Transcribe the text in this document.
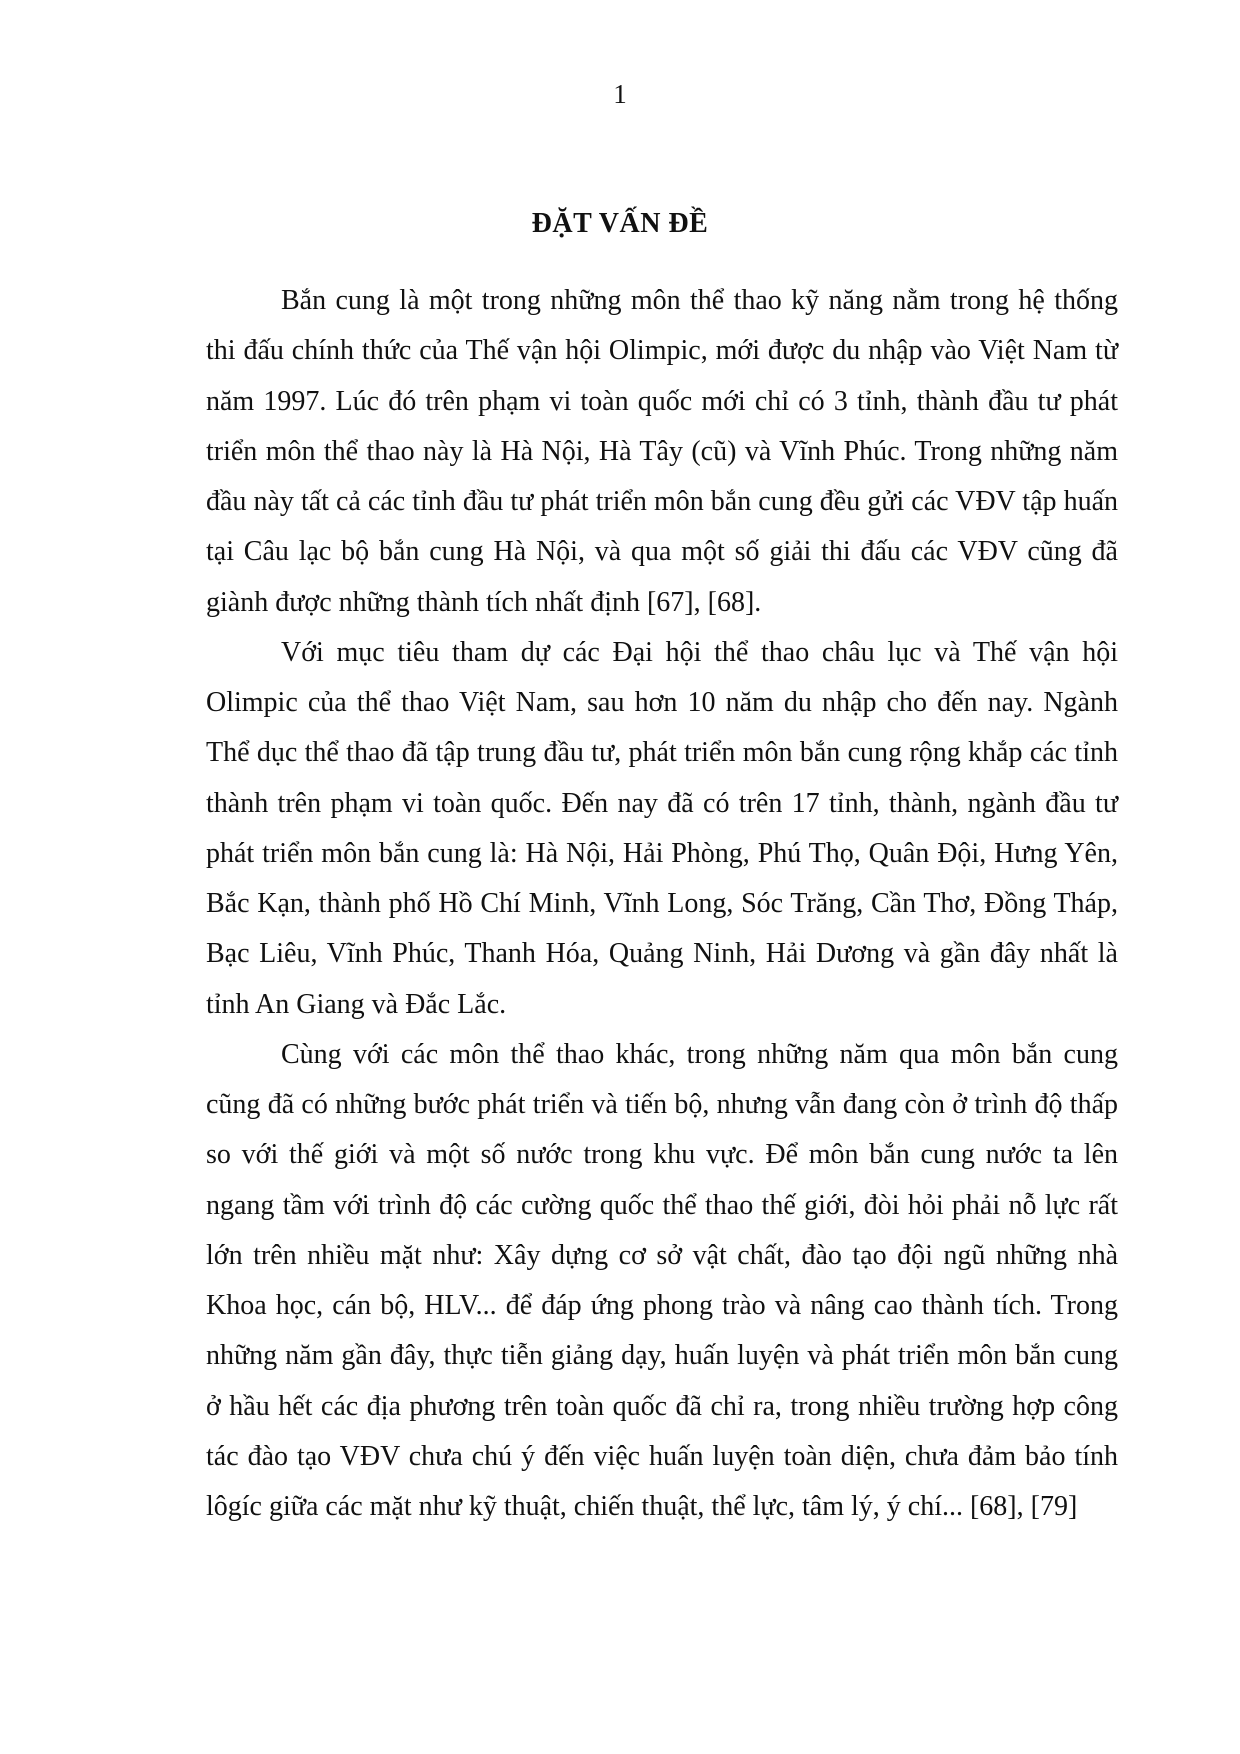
1
ĐẶT VẤN ĐỀ

Bắn cung là một trong những môn thể thao kỹ năng nằm trong hệ thống thi đấu chính thức của Thế vận hội Olimpic, mới được du nhập vào Việt Nam từ năm 1997. Lúc đó trên phạm vi toàn quốc mới chỉ có 3 tỉnh, thành đầu tư phát triển môn thể thao này là Hà Nội, Hà Tây (cũ) và Vĩnh Phúc. Trong những năm đầu này tất cả các tỉnh đầu tư phát triển môn bắn cung đều gửi các VĐV tập huấn tại Câu lạc bộ bắn cung Hà Nội, và qua một số giải thi đấu các VĐV cũng đã giành được những thành tích nhất định [67], [68].

Với mục tiêu tham dự các Đại hội thể thao châu lục và Thế vận hội Olimpic của thể thao Việt Nam, sau hơn 10 năm du nhập cho đến nay. Ngành Thể dục thể thao đã tập trung đầu tư, phát triển môn bắn cung rộng khắp các tỉnh thành trên phạm vi toàn quốc. Đến nay đã có trên 17 tỉnh, thành, ngành đầu tư phát triển môn bắn cung là: Hà Nội, Hải Phòng, Phú Thọ, Quân Đội, Hưng Yên, Bắc Kạn, thành phố Hồ Chí Minh, Vĩnh Long, Sóc Trăng, Cần Thơ, Đồng Tháp, Bạc Liêu, Vĩnh Phúc, Thanh Hóa, Quảng Ninh, Hải Dương và gần đây nhất là tỉnh An Giang và Đắc Lắc.

Cùng với các môn thể thao khác, trong những năm qua môn bắn cung cũng đã có những bước phát triển và tiến bộ, nhưng vẫn đang còn ở trình độ thấp so với thế giới và một số nước trong khu vực. Để môn bắn cung nước ta lên ngang tầm với trình độ các cường quốc thể thao thế giới, đòi hỏi phải nỗ lực rất lớn trên nhiều mặt như: Xây dựng cơ sở vật chất, đào tạo đội ngũ những nhà Khoa học, cán bộ, HLV... để đáp ứng phong trào và nâng cao thành tích. Trong những năm gần đây, thực tiễn giảng dạy, huấn luyện và phát triển môn bắn cung ở hầu hết các địa phương trên toàn quốc đã chỉ ra, trong nhiều trường hợp công tác đào tạo VĐV chưa chú ý đến việc huấn luyện toàn diện, chưa đảm bảo tính lôgíc giữa các mặt như kỹ thuật, chiến thuật, thể lực, tâm lý, ý chí... [68], [79]
